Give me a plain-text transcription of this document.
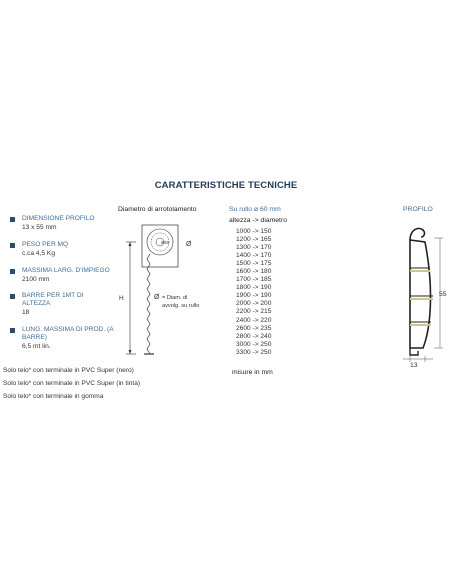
CARATTERISTICHE TECNICHE
DIMENSIONE PROFILO
13 x 55 mm
PESO PER MQ
c.ca 4,5 Kg
MASSIMA LARG. D'IMPIEGO
2100 mm
BARRE PER 1MT DI ALTEZZA
18
LUNG. MASSIMA DI PROD. (A BARRE)
6,5 mt lin.
Solo telo* con terminale in PVC Super (nero)
Solo telo* con terminale in PVC Super (in tinta)
Solo telo* con terminale in gomma
Diametro di arrotolamento
H
Ø60 Ø
Ø = Diam. di
avvolg. su rullo
Su rullo ø 60 mm
altezza -> diametro
1000 -> 150
1200 -> 165
1300 -> 170
1400 -> 170
1500 -> 175
1600 -> 180
1700 -> 185
1800 -> 190
1900 -> 190
2000 -> 200
2200 -> 215
2400 -> 220
2600 -> 235
2800 -> 240
3000 -> 250
3300 -> 250
misure in mm
PROFILO
55
13
